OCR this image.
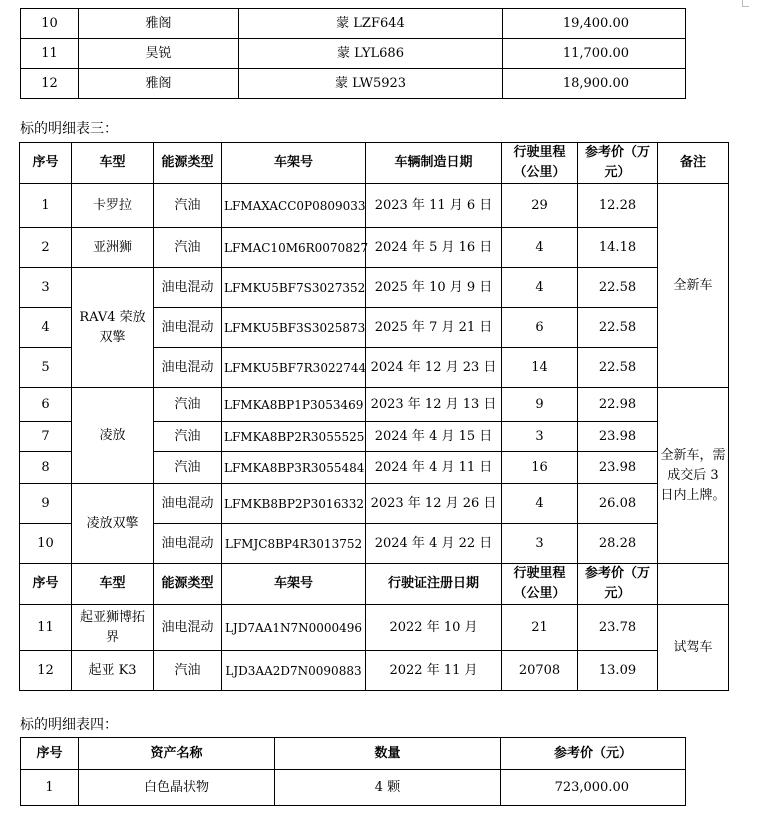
10	雅阁	蒙 LZF644	19,400.00
11	昊锐	蒙 LYL686	11,700.00
12	雅阁	蒙 LW5923	18,900.00
标的明细表三：
序号	车型	能源类型	车架号	车辆制造日期	行驶里程（公里）	参考价（万元）	备注
1	卡罗拉	汽油	LFMAXACC0P0809033	2023 年 11 月 6 日	29	12.28	全新车
2	亚洲狮	汽油	LFMAC10M6R0070827	2024 年 5 月 16 日	4	14.18	
3	RAV4 荣放双擎	油电混动	LFMKU5BF7S3027352	2025 年 10 月 9 日	4	22.58	
4		油电混动	LFMKU5BF3S3025873	2025 年 7 月 21 日	6	22.58	
5		油电混动	LFMKU5BF7R3022744	2024 年 12 月 23 日	14	22.58	
6	凌放	汽油	LFMKA8BP1P3053469	2023 年 12 月 13 日	9	22.98	全新车，需成交后 3 日内上牌。
7		汽油	LFMKA8BP2R3055525	2024 年 4 月 15 日	3	23.98	
8		汽油	LFMKA8BP3R3055484	2024 年 4 月 11 日	16	23.98	
9	凌放双擎	油电混动	LFMKB8BP2P3016332	2023 年 12 月 26 日	4	26.08	
10		油电混动	LFMJC8BP4R3013752	2024 年 4 月 22 日	3	28.28	
序号	车型	能源类型	车架号	行驶证注册日期	行驶里程（公里）	参考价（万元）	
11	起亚狮博拓界	油电混动	LJD7AA1N7N0000496	2022 年 10 月	21	23.78	试驾车
12	起亚 K3	汽油	LJD3AA2D7N0090883	2022 年 11 月	20708	13.09	
标的明细表四：
序号	资产名称	数量	参考价（元）
1	白色晶状物	4 颗	723,000.00
